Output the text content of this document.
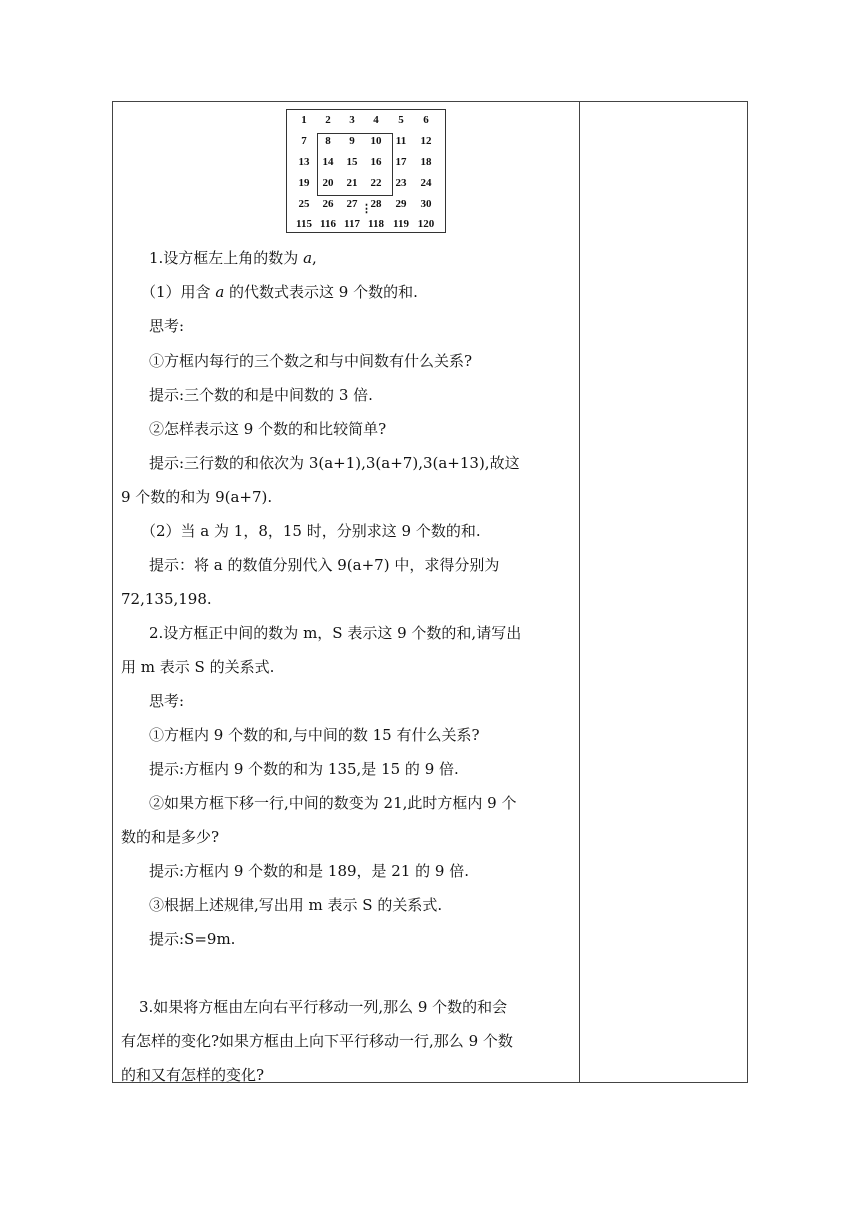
⋮
1	2	3	4	5	6
7	8	9	10	11	12
13	14	15	16	17	18
19	20	21	22	23	24
25	26	27	28	29	30
115 116 117 118 119 120
1.设方框左上角的数为 a,
（1）用含 a 的代数式表示这 9 个数的和.
思考:
①方框内每行的三个数之和与中间数有什么关系?
提示:三个数的和是中间数的 3 倍.
②怎样表示这 9 个数的和比较简单?
提示:三行数的和依次为 3(a+1),3(a+7),3(a+13),故这
9 个数的和为 9(a+7).
（2）当 a 为 1，8，15 时，分别求这 9 个数的和.
提示：将 a 的数值分别代入 9(a+7) 中，求得分别为
72,135,198.
2.设方框正中间的数为 m，S 表示这 9 个数的和,请写出
用 m 表示 S 的关系式.
思考:
①方框内 9 个数的和,与中间的数 15 有什么关系?
提示:方框内 9 个数的和为 135,是 15 的 9 倍.
②如果方框下移一行,中间的数变为 21,此时方框内 9 个
数的和是多少?
提示:方框内 9 个数的和是 189，是 21 的 9 倍.
③根据上述规律,写出用 m 表示 S 的关系式.
提示:S=9m.
3.如果将方框由左向右平行移动一列,那么 9 个数的和会
有怎样的变化?如果方框由上向下平行移动一行,那么 9 个数
的和又有怎样的变化?
